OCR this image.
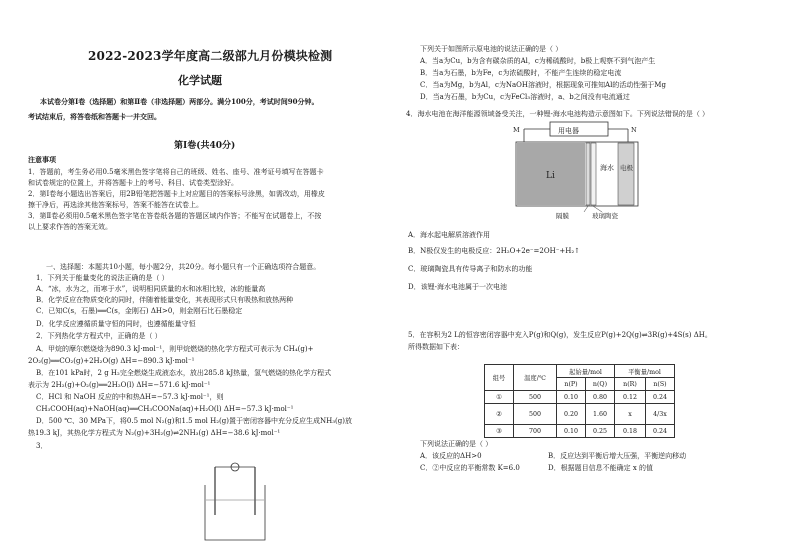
2022-2023学年度高二级部九月份模块检测
化学试题
本试卷分第Ⅰ卷（选择题）和第Ⅱ卷（非选择题）两部分。满分100分，考试时间90分钟。
考试结束后，将答卷纸和答题卡一并交回。
第Ⅰ卷(共40分)
注意事项
1．答题前，考生务必用0.5毫米黑色签字笔将自己的班级、姓名、座号、准考证号填写在答题卡
和试卷规定的位置上，并将答题卡上的考号、科目、试卷类型涂好。
2．第Ⅰ卷每小题选出答案后，用2B铅笔把答题卡上对应题目的答案标号涂黑，如需改动，用橡皮
擦干净后，再选涂其他答案标号，答案不能答在试卷上。
3．第Ⅱ卷必须用0.5毫米黑色签字笔在答卷纸各题的答题区域内作答；不能写在试题卷上，不按
以上要求作答的答案无效。
一、选择题：本题共10小题，每小题2分，共20分。每小题只有一个正确选项符合题意。
1．下列关于能量变化的说法正确的是（ ）
A．“冰，水为之，而寒于水”，说明相同质量的水和冰相比较，冰的能量高
B．化学反应在物质变化的同时，伴随着能量变化，其表现形式只有吸热和放热两种
C．已知C(s，石墨)══C(s，金刚石) ΔH>0，则金刚石比石墨稳定
D．化学反应遵循质量守恒的同时，也遵循能量守恒
2．下列热化学方程式中，正确的是（ ）
A．甲烷的摩尔燃烧焓为890.3 kJ·mol⁻¹，则甲烷燃烧的热化学方程式可表示为 CH₄(g)+
2O₂(g)══CO₂(g)+2H₂O(g) ΔH=−890.3 kJ·mol⁻¹
B．在101 kPa时，2 g H₂完全燃烧生成液态水，放出285.8 kJ热量，氢气燃烧的热化学方程式
表示为 2H₂(g)+O₂(g)══2H₂O(l) ΔH=−571.6 kJ·mol⁻¹
C．HCl 和 NaOH 反应的中和热ΔH=−57.3 kJ·mol⁻¹，则
CH₃COOH(aq)+NaOH(aq)══CH₃COONa(aq)+H₂O(l) ΔH=−57.3 kJ·mol⁻¹
D．500 ℃、30 MPa下，将0.5 mol N₂(g)和1.5 mol H₂(g)置于密闭容器中充分反应生成NH₃(g)放
热19.3 kJ，其热化学方程式为 N₂(g)+3H₂(g)⇌2NH₃(g) ΔH=−38.6 kJ·mol⁻¹
3．
下列关于如图所示原电池的说法正确的是（ ）
A．当a为Cu，b为含有碳杂质的Al，c为稀硫酸时，b极上观察不到气泡产生
B．当a为石墨，b为Fe，c为浓硫酸时，不能产生连续的稳定电流
C．当a为Mg，b为Al，c为NaOH溶液时，根据现象可推知Al的活动性强于Mg
D．当a为石墨，b为Cu，c为FeCl₃溶液时，a、b之间没有电流通过
4．海水电池在海洋能源领域备受关注，一种锂-海水电池构造示意图如下。下列说法错误的是（ ）
用电器
M	N
Li
海水 电极
隔膜	玻璃陶瓷
A．海水起电解质溶液作用
B．N极仅发生的电极反应：2H₂O+2e⁻=2OH⁻+H₂↑
C．玻璃陶瓷具有传导离子和防水的功能
D．该锂-海水电池属于一次电池
5．在容积为2 L的恒容密闭容器中充入P(g)和Q(g)，发生反应P(g)+2Q(g)⇌3R(g)+4S(s) ΔH。
所得数据如下表：
组号	温度/℃	起始量/mol		平衡量/mol	
		n(P)	n(Q)	n(R)	n(S)
①	500	0.10	0.80	0.12	0.24
②	500	0.20	1.60	x	4/3x
③	700	0.10	0.25	0.18	0.24
下列说法正确的是（ ）
A．该反应的ΔH>0	B．反应达到平衡后增大压强，平衡逆向移动
C．②中反应的平衡常数 K=6.0	D．根据题目信息不能确定 x 的值
